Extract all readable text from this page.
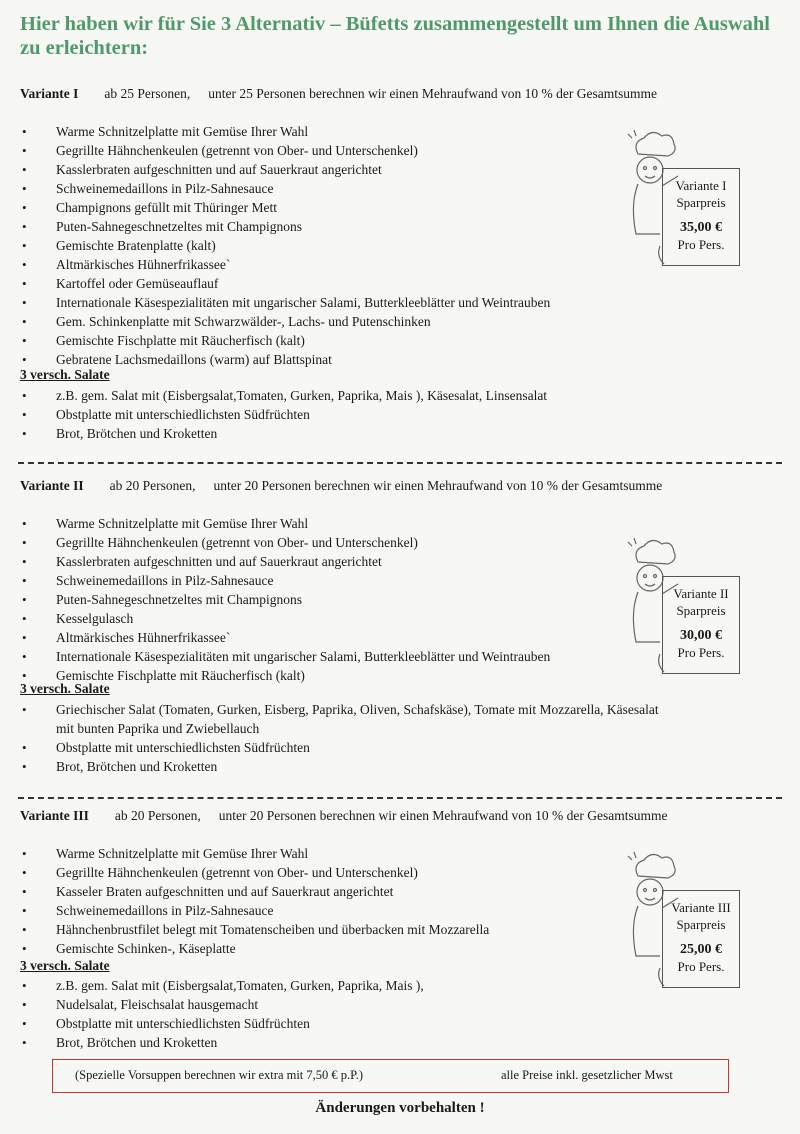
Hier haben wir für Sie 3 Alternativ – Büfetts zusammengestellt um Ihnen die Auswahl zu erleichtern:
Variante I ab 25 Personen, unter 25 Personen berechnen wir einen Mehraufwand von 10 % der Gesamtsumme
• Warme Schnitzelplatte mit Gemüse Ihrer Wahl
• Gegrillte Hähnchenkeulen (getrennt von Ober- und Unterschenkel)
• Kasslerbraten aufgeschnitten und auf Sauerkraut angerichtet
• Schweinemedaillons in Pilz-Sahnesauce
• Champignons gefüllt mit Thüringer Mett
• Puten-Sahnegeschnetzeltes mit Champignons
• Gemischte Bratenplatte (kalt)
• Altmärkisches Hühnerfrikassee`
• Kartoffel oder Gemüseauflauf
• Internationale Käsespezialitäten mit ungarischer Salami, Butterkleeblätter und Weintrauben
• Gem. Schinkenplatte mit Schwarzwälder-, Lachs- und Putenschinken
• Gemischte Fischplatte mit Räucherfisch (kalt)
• Gebratene Lachsmedaillons (warm) auf Blattspinat
3 versch. Salate
• z.B. gem. Salat mit (Eisbergsalat,Tomaten, Gurken, Paprika, Mais ), Käsesalat, Linsensalat
• Obstplatte mit unterschiedlichsten Südfrüchten
• Brot, Brötchen und Kroketten
Variante I
Sparpreis
35,00 €
Pro Pers.
Variante II ab 20 Personen, unter 20 Personen berechnen wir einen Mehraufwand von 10 % der Gesamtsumme
• Warme Schnitzelplatte mit Gemüse Ihrer Wahl
• Gegrillte Hähnchenkeulen (getrennt von Ober- und Unterschenkel)
• Kasslerbraten aufgeschnitten und auf Sauerkraut angerichtet
• Schweinemedaillons in Pilz-Sahnesauce
• Puten-Sahnegeschnetzeltes mit Champignons
• Kesselgulasch
• Altmärkisches Hühnerfrikassee`
• Internationale Käsespezialitäten mit ungarischer Salami, Butterkleeblätter und Weintrauben
• Gemischte Fischplatte mit Räucherfisch (kalt)
3 versch. Salate
• Griechischer Salat (Tomaten, Gurken, Eisberg, Paprika, Oliven, Schafskäse), Tomate mit Mozzarella, Käsesalat mit bunten Paprika und Zwiebellauch
• Obstplatte mit unterschiedlichsten Südfrüchten
• Brot, Brötchen und Kroketten
Variante II
Sparpreis
30,00 €
Pro Pers.
Variante III ab 20 Personen, unter 20 Personen berechnen wir einen Mehraufwand von 10 % der Gesamtsumme
• Warme Schnitzelplatte mit Gemüse Ihrer Wahl
• Gegrillte Hähnchenkeulen (getrennt von Ober- und Unterschenkel)
• Kasseler Braten aufgeschnitten und auf Sauerkraut angerichtet
• Schweinemedaillons in Pilz-Sahnesauce
• Hähnchenbrustfilet belegt mit Tomatenscheiben und überbacken mit Mozzarella
• Gemischte Schinken-, Käseplatte
3 versch. Salate
• z.B. gem. Salat mit (Eisbergsalat,Tomaten, Gurken, Paprika, Mais ),
• Nudelsalat, Fleischsalat hausgemacht
• Obstplatte mit unterschiedlichsten Südfrüchten
• Brot, Brötchen und Kroketten
Variante III
Sparpreis
25,00 €
Pro Pers.
(Spezielle Vorsuppen berechnen wir extra mit 7,50 € p.P.)	alle Preise inkl. gesetzlicher Mwst
Änderungen vorbehalten !
